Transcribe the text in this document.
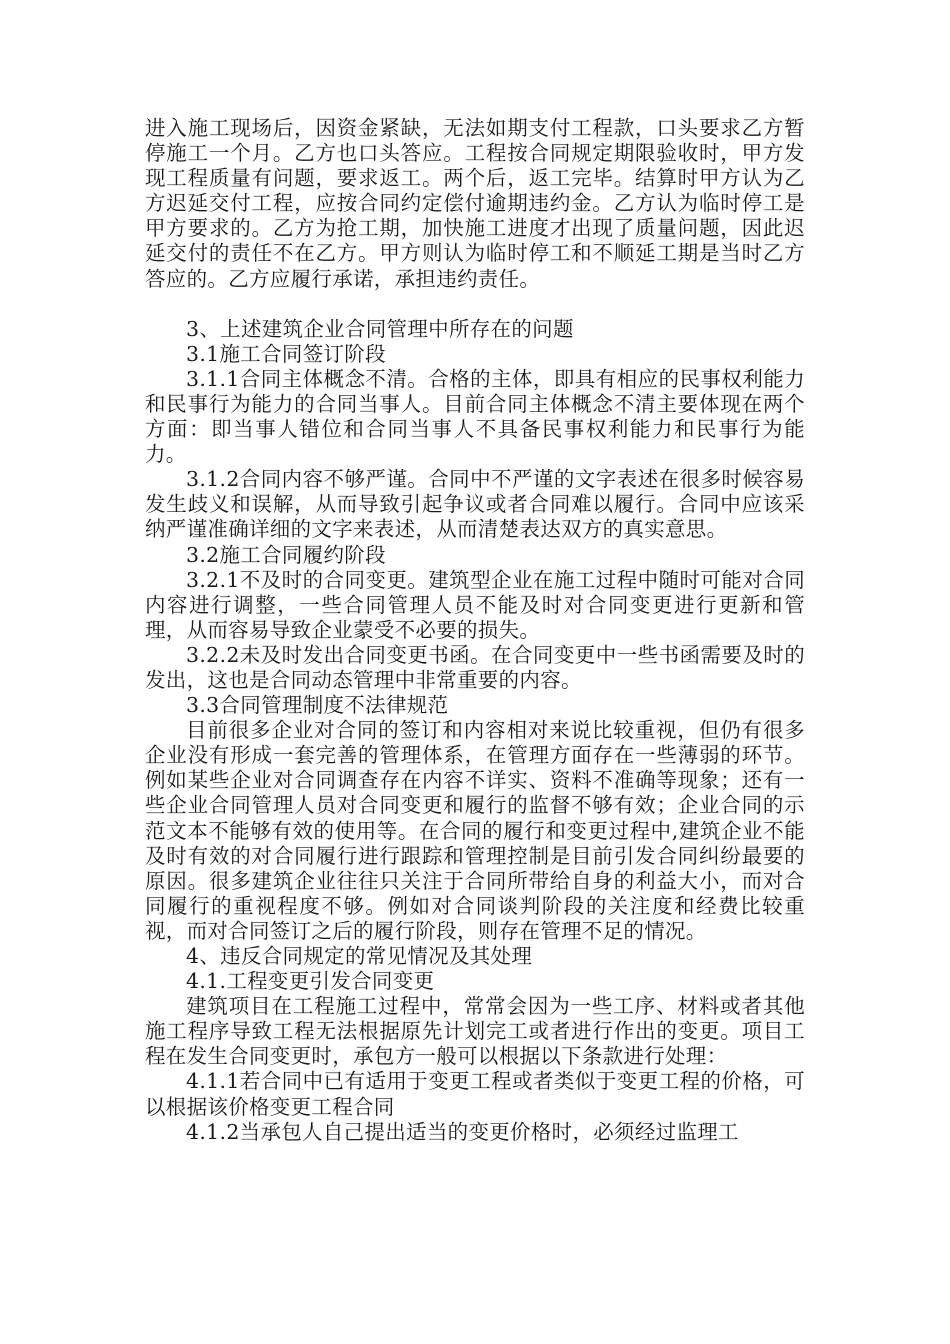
进入施工现场后，因资金紧缺，无法如期支付工程款，口头要求乙方暂停施工一个月。乙方也口头答应。工程按合同规定期限验收时，甲方发现工程质量有问题，要求返工。两个后，返工完毕。结算时甲方认为乙方迟延交付工程，应按合同约定偿付逾期违约金。乙方认为临时停工是甲方要求的。乙方为抢工期，加快施工进度才出现了质量问题，因此迟延交付的责任不在乙方。甲方则认为临时停工和不顺延工期是当时乙方答应的。乙方应履行承诺，承担违约责任。

3、上述建筑企业合同管理中所存在的问题

3.1施工合同签订阶段

3.1.1合同主体概念不清。合格的主体，即具有相应的民事权利能力和民事行为能力的合同当事人。目前合同主体概念不清主要体现在两个方面：即当事人错位和合同当事人不具备民事权利能力和民事行为能力。

3.1.2合同内容不够严谨。合同中不严谨的文字表述在很多时候容易发生歧义和误解，从而导致引起争议或者合同难以履行。合同中应该采纳严谨准确详细的文字来表述，从而清楚表达双方的真实意思。

3.2施工合同履约阶段

3.2.1不及时的合同变更。建筑型企业在施工过程中随时可能对合同内容进行调整，一些合同管理人员不能及时对合同变更进行更新和管理，从而容易导致企业蒙受不必要的损失。

3.2.2未及时发出合同变更书函。在合同变更中一些书函需要及时的发出，这也是合同动态管理中非常重要的内容。

3.3合同管理制度不法律规范

目前很多企业对合同的签订和内容相对来说比较重视，但仍有很多企业没有形成一套完善的管理体系，在管理方面存在一些薄弱的环节。例如某些企业对合同调查存在内容不详实、资料不准确等现象；还有一些企业合同管理人员对合同变更和履行的监督不够有效；企业合同的示范文本不能够有效的使用等。在合同的履行和变更过程中,建筑企业不能及时有效的对合同履行进行跟踪和管理控制是目前引发合同纠纷最要的原因。很多建筑企业往往只关注于合同所带给自身的利益大小，而对合同履行的重视程度不够。例如对合同谈判阶段的关注度和经费比较重视，而对合同签订之后的履行阶段，则存在管理不足的情况。

4、违反合同规定的常见情况及其处理

4.1.工程变更引发合同变更

建筑项目在工程施工过程中，常常会因为一些工序、材料或者其他施工程序导致工程无法根据原先计划完工或者进行作出的变更。项目工程在发生合同变更时，承包方一般可以根据以下条款进行处理：

4.1.1若合同中已有适用于变更工程或者类似于变更工程的价格，可以根据该价格变更工程合同

4.1.2当承包人自己提出适当的变更价格时，必须经过监理工
